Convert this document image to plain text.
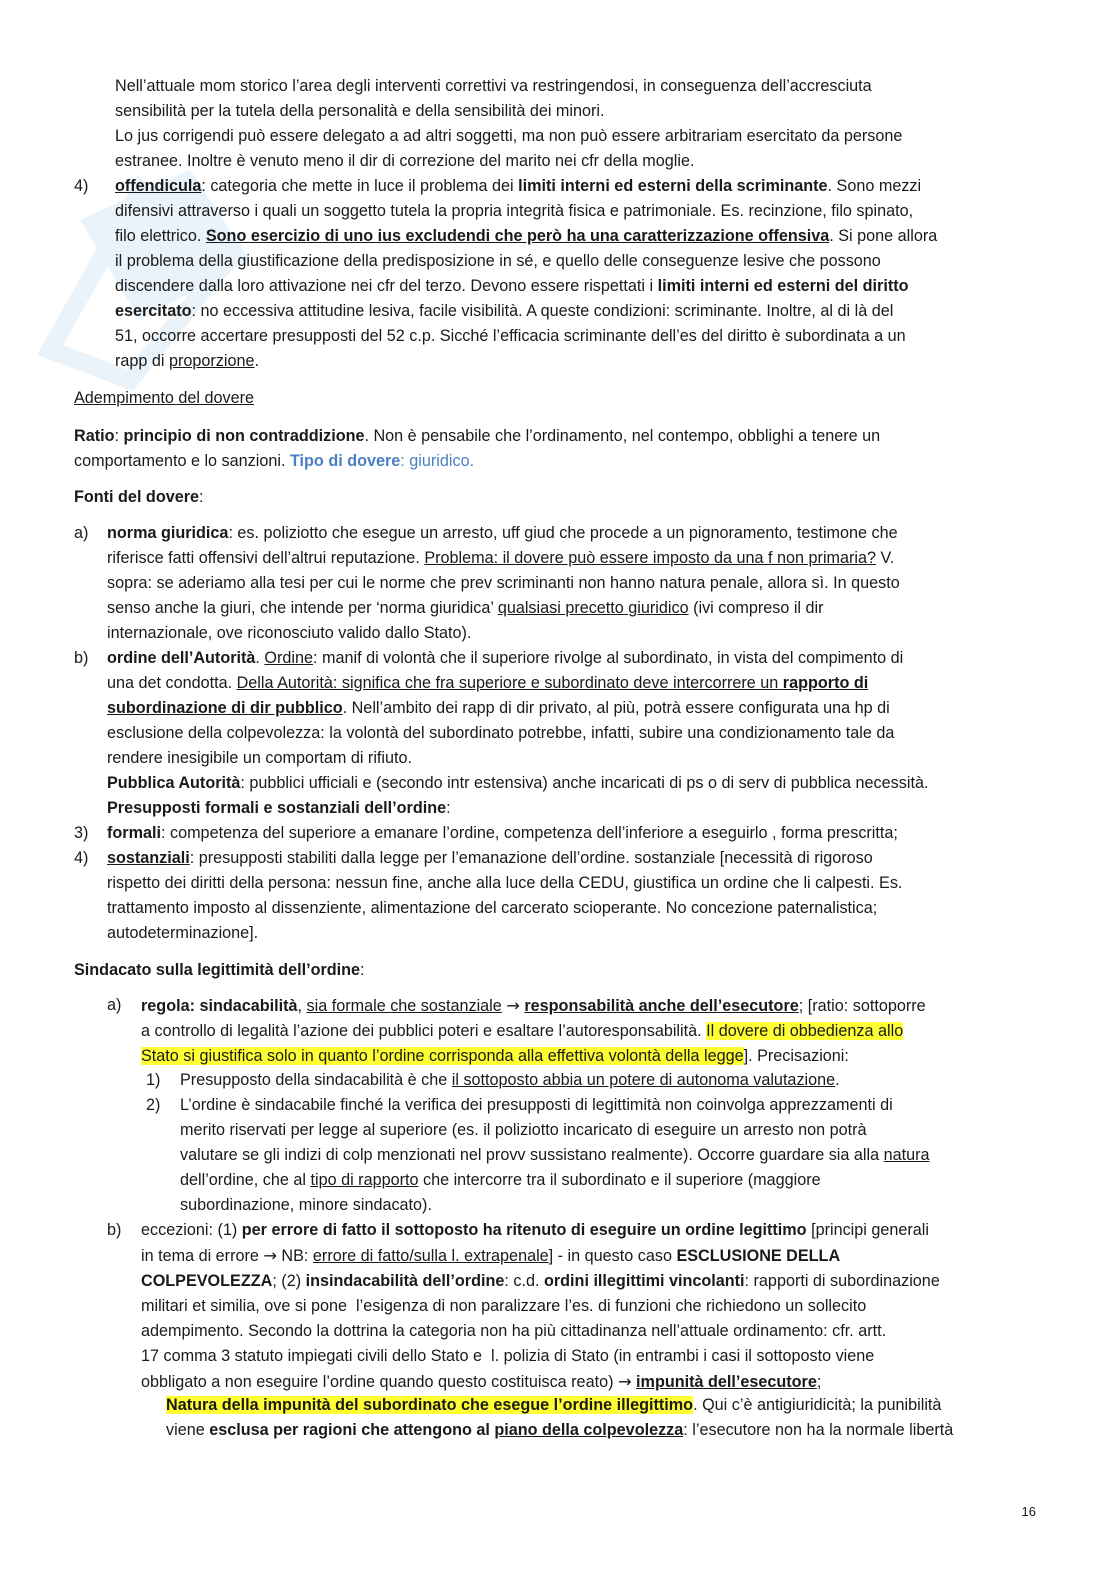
Nell’attuale mom storico l’area degli interventi correttivi va restringendosi, in conseguenza dell’accresciuta
sensibilità per la tutela della personalità e della sensibilità dei minori.
Lo jus corrigendi può essere delegato a ad altri soggetti, ma non può essere arbitrariam esercitato da persone
estranee. Inoltre è venuto meno il dir di correzione del marito nei cfr della moglie.
4) offendicula: categoria che mette in luce il problema dei limiti interni ed esterni della scriminante. Sono mezzi
difensivi attraverso i quali un soggetto tutela la propria integrità fisica e patrimoniale. Es. recinzione, filo spinato,
filo elettrico. Sono esercizio di uno ius excludendi che però ha una caratterizzazione offensiva. Si pone allora
il problema della giustificazione della predisposizione in sé, e quello delle conseguenze lesive che possono
discendere dalla loro attivazione nei cfr del terzo. Devono essere rispettati i limiti interni ed esterni del diritto
esercitato: no eccessiva attitudine lesiva, facile visibilità. A queste condizioni: scriminante. Inoltre, al di là del
51, occorre accertare presupposti del 52 c.p. Sicché l’efficacia scriminante dell’es del diritto è subordinata a un
rapp di proporzione.
Adempimento del dovere
Ratio: principio di non contraddizione. Non è pensabile che l’ordinamento, nel contempo, obblighi a tenere un
comportamento e lo sanzioni. Tipo di dovere: giuridico.
Fonti del dovere:
a) norma giuridica: es. poliziotto che esegue un arresto, uff giud che procede a un pignoramento, testimone che
riferisce fatti offensivi dell’altrui reputazione. Problema: il dovere può essere imposto da una f non primaria? V.
sopra: se aderiamo alla tesi per cui le norme che prev scriminanti non hanno natura penale, allora sì. In questo
senso anche la giuri, che intende per ‘norma giuridica’ qualsiasi precetto giuridico (ivi compreso il dir
internazionale, ove riconosciuto valido dallo Stato).
b) ordine dell’Autorità. Ordine: manif di volontà che il superiore rivolge al subordinato, in vista del compimento di
una det condotta. Della Autorità: significa che fra superiore e subordinato deve intercorrere un rapporto di
subordinazione di dir pubblico. Nell’ambito dei rapp di dir privato, al più, potrà essere configurata una hp di
esclusione della colpevolezza: la volontà del subordinato potrebbe, infatti, subire una condizionamento tale da
rendere inesigibile un comportam di rifiuto.
Pubblica Autorità: pubblici ufficiali e (secondo intr estensiva) anche incaricati di ps o di serv di pubblica necessità.
Presupposti formali e sostanziali dell’ordine:
3) formali: competenza del superiore a emanare l’ordine, competenza dell’inferiore a eseguirlo , forma prescritta;
4) sostanziali: presupposti stabiliti dalla legge per l’emanazione dell’ordine. sostanziale [necessità di rigoroso
rispetto dei diritti della persona: nessun fine, anche alla luce della CEDU, giustifica un ordine che li calpesti. Es.
trattamento imposto al dissenziente, alimentazione del carcerato scioperante. No concezione paternalistica;
autodeterminazione].
Sindacato sulla legittimità dell’ordine:
a) regola: sindacabilità, sia formale che sostanziale → responsabilità anche dell’esecutore; [ratio: sottoporre
a controllo di legalità l’azione dei pubblici poteri e esaltare l’autoresponsabilità. Il dovere di obbedienza allo
Stato si giustifica solo in quanto l’ordine corrisponda alla effettiva volontà della legge]. Precisazioni:
1) Presupposto della sindacabilità è che il sottoposto abbia un potere di autonoma valutazione.
2) L’ordine è sindacabile finché la verifica dei presupposti di legittimità non coinvolga apprezzamenti di
merito riservati per legge al superiore (es. il poliziotto incaricato di eseguire un arresto non potrà
valutare se gli indizi di colp menzionati nel provv sussistano realmente). Occorre guardare sia alla natura
dell’ordine, che al tipo di rapporto che intercorre tra il subordinato e il superiore (maggiore
subordinazione, minore sindacato).
b) eccezioni: (1) per errore di fatto il sottoposto ha ritenuto di eseguire un ordine legittimo [principi generali
in tema di errore → NB: errore di fatto/sulla l. extrapenale] - in questo caso ESCLUSIONE DELLA
COLPEVOLEZZA; (2) insindacabilità dell’ordine: c.d. ordini illegittimi vincolanti: rapporti di subordinazione
militari et similia, ove si pone  l’esigenza di non paralizzare l’es. di funzioni che richiedono un sollecito
adempimento. Secondo la dottrina la categoria non ha più cittadinanza nell’attuale ordinamento: cfr. artt.
17 comma 3 statuto impiegati civili dello Stato e  l. polizia di Stato (in entrambi i casi il sottoposto viene
obbligato a non eseguire l’ordine quando questo costituisca reato) → impunità dell’esecutore;
Natura della impunità del subordinato che esegue l’ordine illegittimo. Qui c’è antigiuridicità; la punibilità
viene esclusa per ragioni che attengono al piano della colpevolezza: l’esecutore non ha la normale libertà
16
